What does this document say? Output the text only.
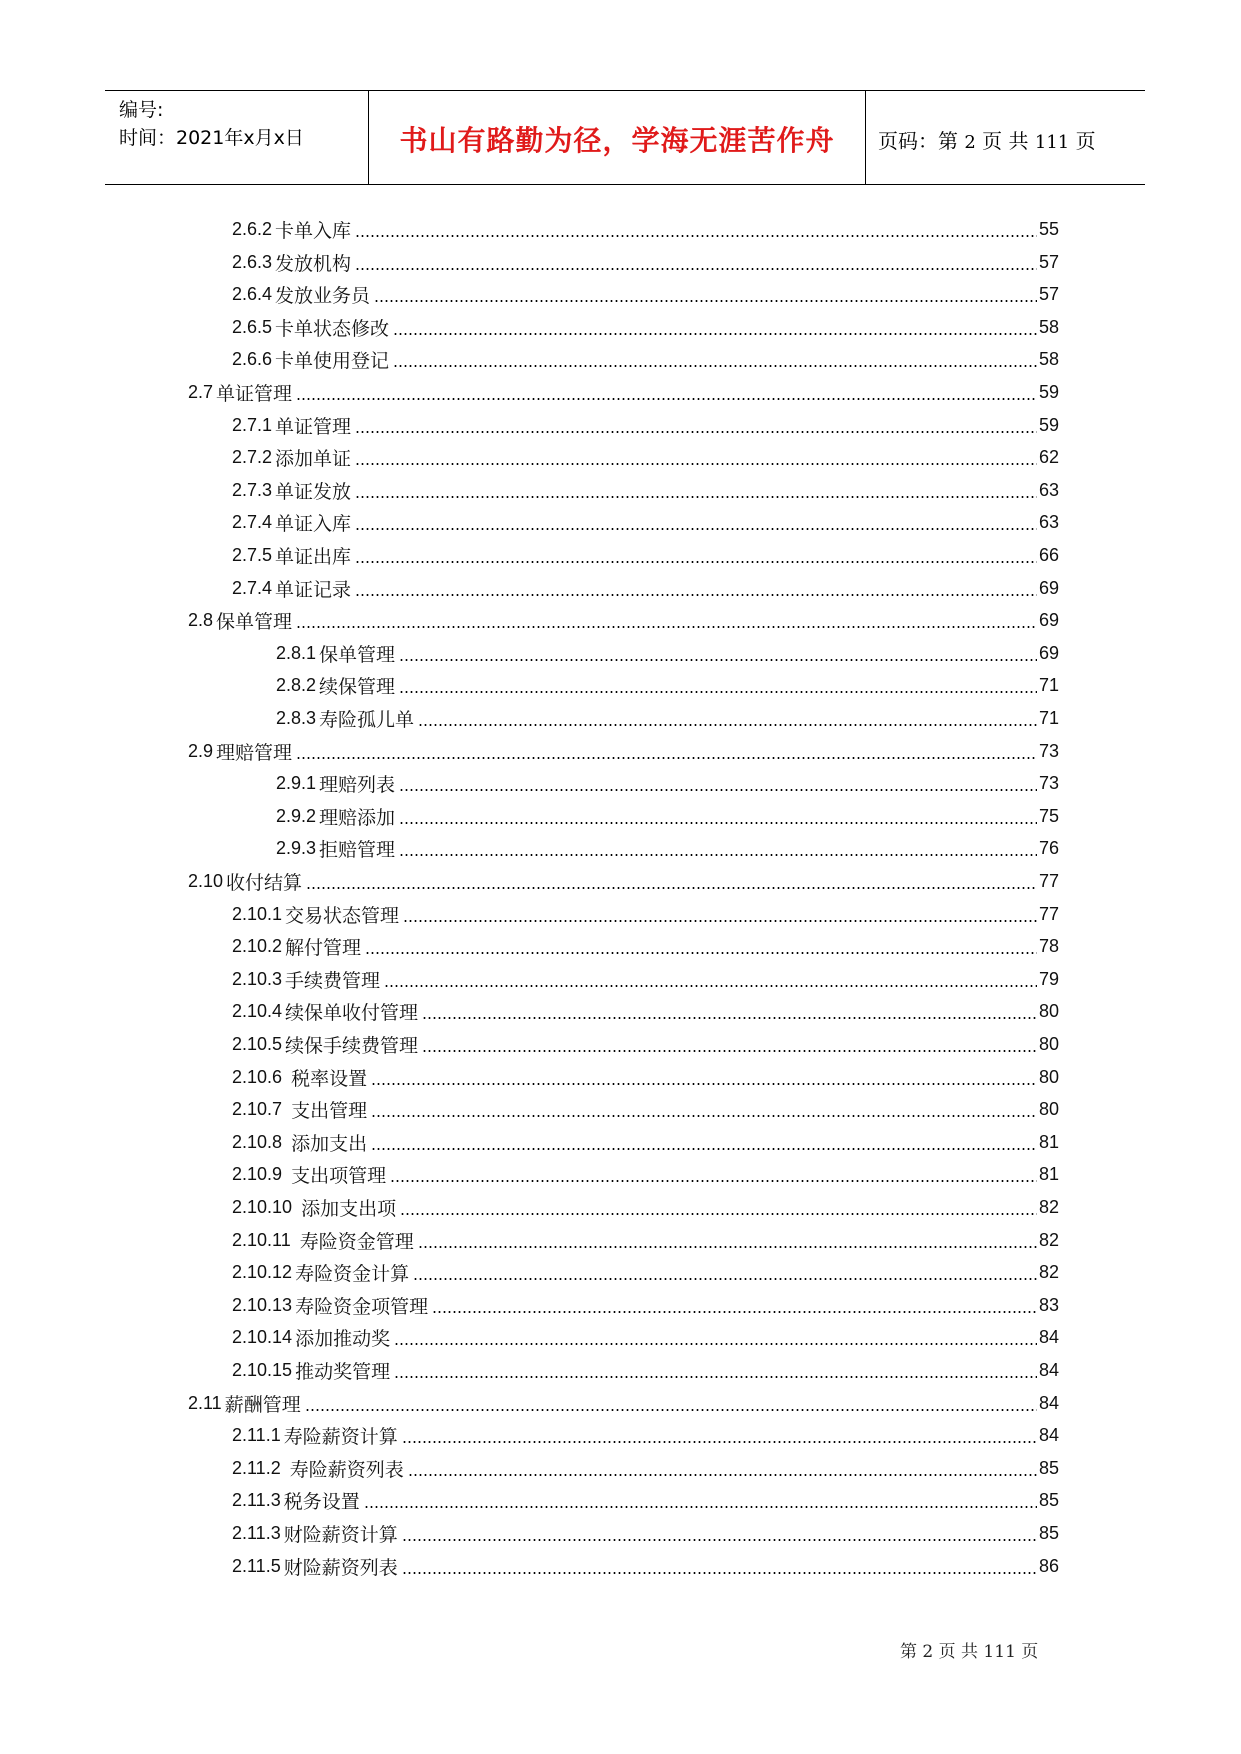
编号:
时间：2021年x月x日	书山有路勤为径，学海无涯苦作舟	页码：第 2 页 共 111 页
2.6.2 卡单入库	55
2.6.3 发放机构	57
2.6.4 发放业务员	57
2.6.5 卡单状态修改	58
2.6.6 卡单使用登记	58
2.7 单证管理	59
2.7.1 单证管理	59
2.7.2 添加单证	62
2.7.3 单证发放	63
2.7.4 单证入库	63
2.7.5 单证出库	66
2.7.4 单证记录	69
2.8 保单管理	69
2.8.1 保单管理	69
2.8.2 续保管理	71
2.8.3 寿险孤儿单	71
2.9 理赔管理	73
2.9.1 理赔列表	73
2.9.2 理赔添加	75
2.9.3 拒赔管理	76
2.10 收付结算	77
2.10.1 交易状态管理	77
2.10.2 解付管理	78
2.10.3 手续费管理	79
2.10.4 续保单收付管理	80
2.10.5 续保手续费管理	80
2.10.6 税率设置	80
2.10.7 支出管理	80
2.10.8 添加支出	81
2.10.9 支出项管理	81
2.10.10 添加支出项	82
2.10.11 寿险资金管理	82
2.10.12 寿险资金计算	82
2.10.13 寿险资金项管理	83
2.10.14 添加推动奖	84
2.10.15 推动奖管理	84
2.11 薪酬管理	84
2.11.1 寿险薪资计算	84
2.11.2 寿险薪资列表	85
2.11.3 税务设置	85
2.11.3 财险薪资计算	85
2.11.5 财险薪资列表	86
第 2 页 共 111 页
